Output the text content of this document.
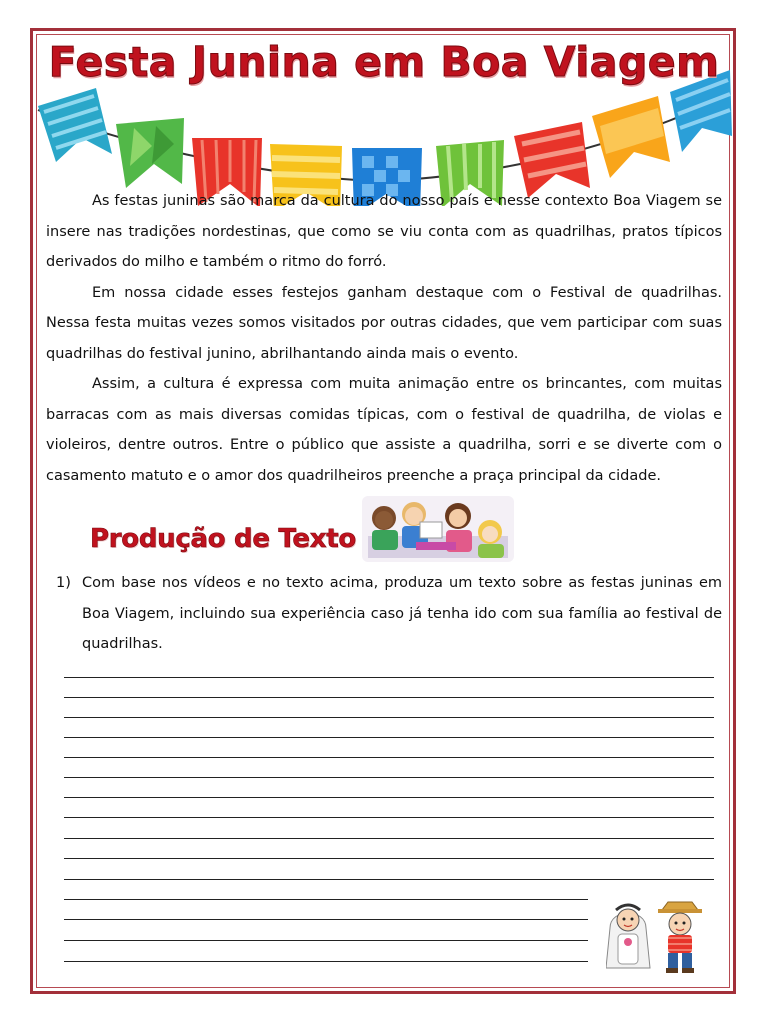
Festa Junina em Boa Viagem

As festas juninas são marca da cultura do nosso país e nesse contexto Boa Viagem se insere nas tradições nordestinas, que como se viu conta com as quadrilhas, pratos típicos derivados do milho e também o ritmo do forró.

Em nossa cidade esses festejos ganham destaque com o Festival de quadrilhas. Nessa festa muitas vezes somos visitados por outras cidades, que vem participar com suas quadrilhas do festival junino, abrilhantando ainda mais o evento.

Assim, a cultura é expressa com muita animação entre os brincantes, com muitas barracas com as mais diversas comidas típicas, com o festival de quadrilha, de violas e violeiros, dentre outros. Entre o público que assiste a quadrilha, sorri e se diverte com o casamento matuto e o amor dos quadrilheiros preenche a praça principal da cidade.

Produção de Texto
1) Com base nos vídeos e no texto acima, produza um texto sobre as festas juninas em Boa Viagem, incluindo sua experiência caso já tenha ido com sua família ao festival de quadrilhas.
